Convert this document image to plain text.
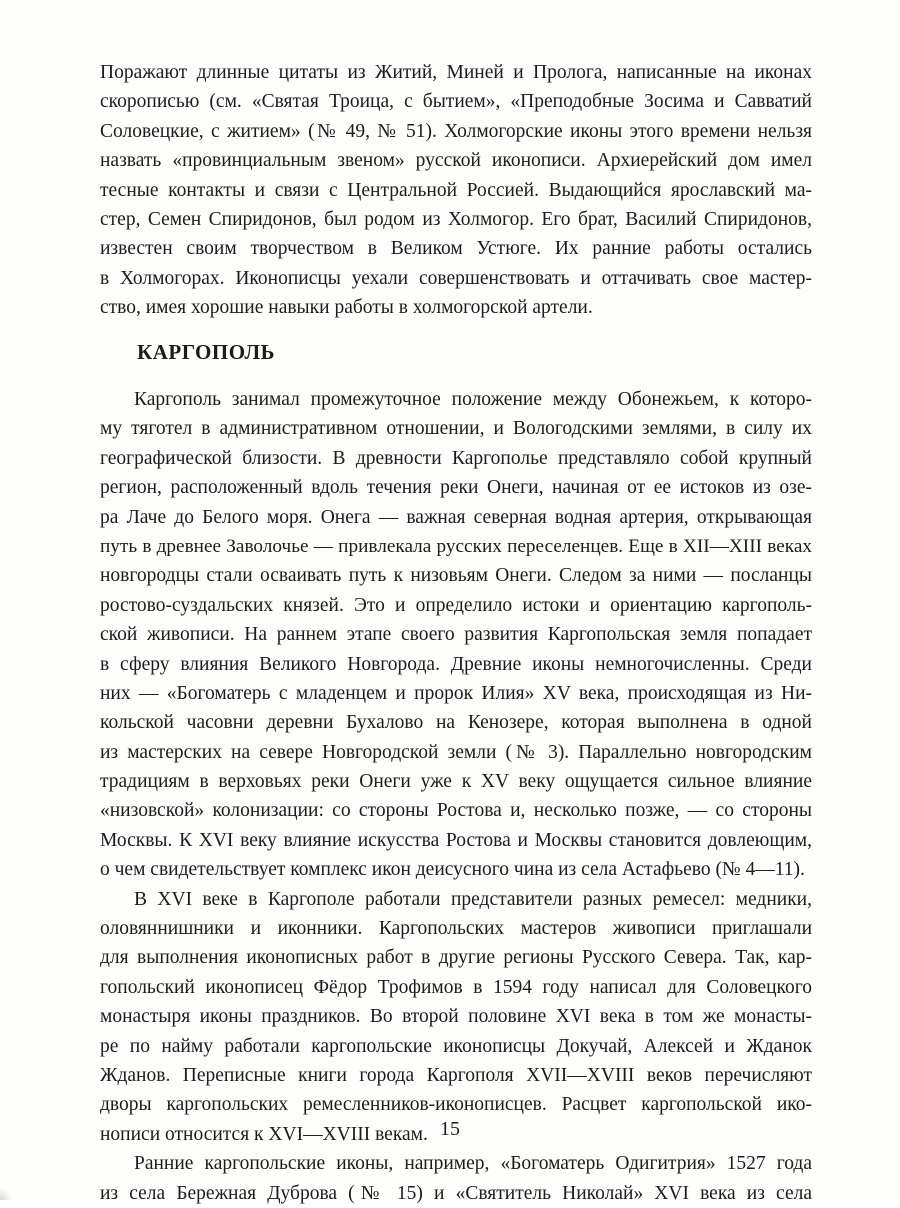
Поражают длинные цитаты из Житий, Миней и Пролога, написанные на иконах
скорописью (см. «Святая Троица, с бытием», «Преподобные Зосима и Савватий
Соловецкие, с житием» (№ 49, № 51). Холмогорские иконы этого времени нельзя
назвать «провинциальным звеном» русской иконописи. Архиерейский дом имел
тесные контакты и связи с Центральной Россией. Выдающийся ярославский ма-
стер, Семен Спиридонов, был родом из Холмогор. Его брат, Василий Спиридонов,
известен своим творчеством в Великом Устюге. Их ранние работы остались
в Холмогорах. Иконописцы уехали совершенствовать и оттачивать свое мастер-
ство, имея хорошие навыки работы в холмогорской артели.
КАРГОПОЛЬ
Каргополь занимал промежуточное положение между Обонежьем, к которо-
му тяготел в административном отношении, и Вологодскими землями, в силу их
географической близости. В древности Каргополье представляло собой крупный
регион, расположенный вдоль течения реки Онеги, начиная от ее истоков из озе-
ра Лаче до Белого моря. Онега — важная северная водная артерия, открывающая
путь в древнее Заволочье — привлекала русских переселенцев. Еще в XII—XIII веках
новгородцы стали осваивать путь к низовьям Онеги. Следом за ними — посланцы
ростово-суздальских князей. Это и определило истоки и ориентацию каргополь-
ской живописи. На раннем этапе своего развития Каргопольская земля попадает
в сферу влияния Великого Новгорода. Древние иконы немногочисленны. Среди
них — «Богоматерь с младенцем и пророк Илия» XV века, происходящая из Ни-
кольской часовни деревни Бухалово на Кенозере, которая выполнена в одной
из мастерских на севере Новгородской земли (№ 3). Параллельно новгородским
традициям в верховьях реки Онеги уже к XV веку ощущается сильное влияние
«низовской» колонизации: со стороны Ростова и, несколько позже, — со стороны
Москвы. К XVI веку влияние искусства Ростова и Москвы становится довлеющим,
о чем свидетельствует комплекс икон деисусного чина из села Астафьево (№ 4—11).
В XVI веке в Каргополе работали представители разных ремесел: медники,
оловяннишники и иконники. Каргопольских мастеров живописи приглашали
для выполнения иконописных работ в другие регионы Русского Севера. Так, кар-
гопольский иконописец Фёдор Трофимов в 1594 году написал для Соловецкого
монастыря иконы праздников. Во второй половине XVI века в том же монасты-
ре по найму работали каргопольские иконописцы Докучай, Алексей и Жданок
Жданов. Переписные книги города Каргополя XVII—XVIII веков перечисляют
дворы каргопольских ремесленников-иконописцев. Расцвет каргопольской ико-
нописи относится к XVI—XVIII векам.
Ранние каргопольские иконы, например, «Богоматерь Одигитрия» 1527 года
из села Бережная Дуброва (№ 15) и «Святитель Николай» XVI века из села
15
